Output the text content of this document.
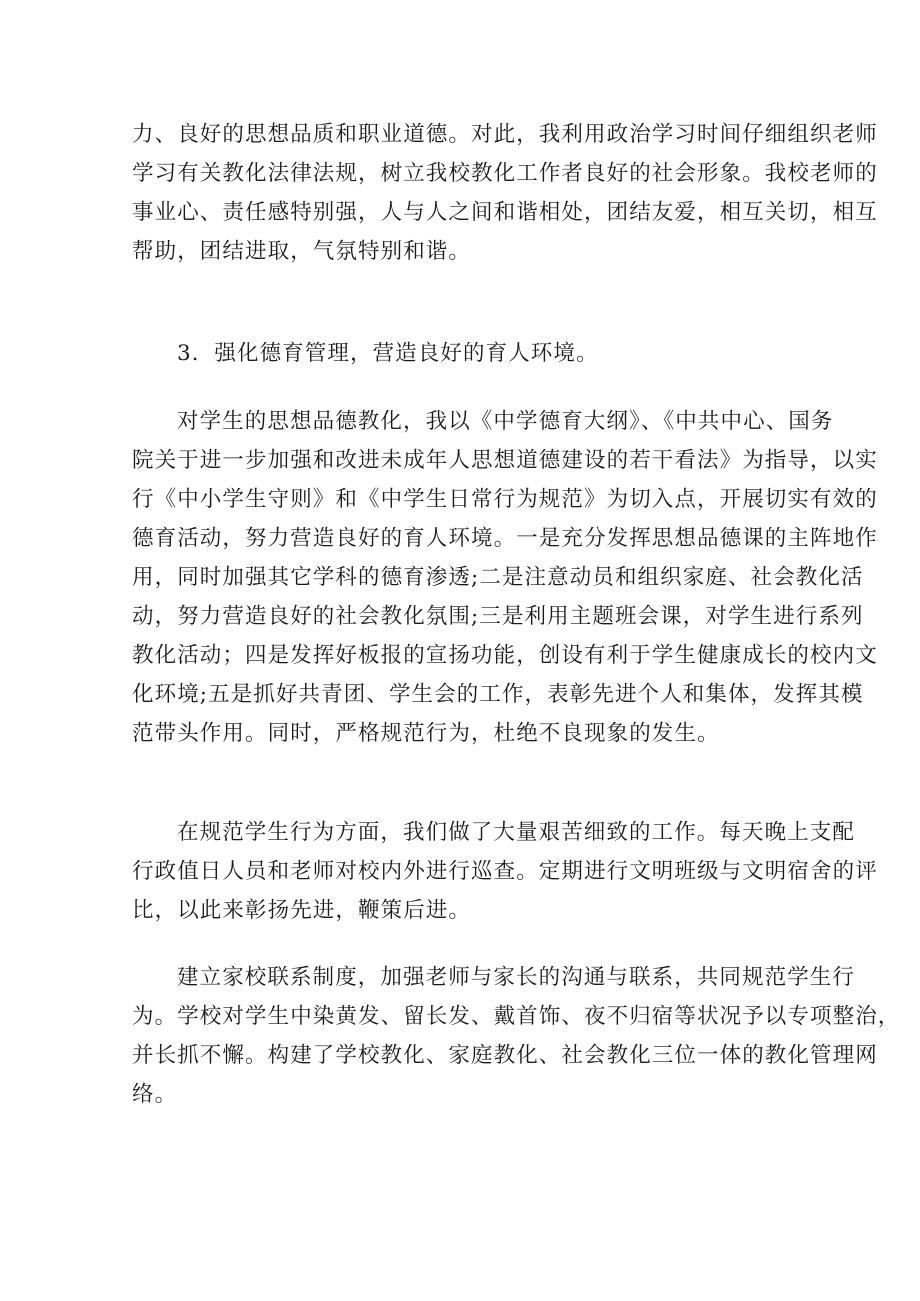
力、良好的思想品质和职业道德。对此，我利用政治学习时间仔细组织老师
学习有关教化法律法规，树立我校教化工作者良好的社会形象。我校老师的
事业心、责任感特别强，人与人之间和谐相处，团结友爱，相互关切，相互
帮助，团结进取，气氛特别和谐。
3．强化德育管理，营造良好的育人环境。
对学生的思想品德教化，我以《中学德育大纲》、《中共中心、国务
院关于进一步加强和改进未成年人思想道德建设的若干看法》为指导，以实
行《中小学生守则》和《中学生日常行为规范》为切入点，开展切实有效的
德育活动，努力营造良好的育人环境。一是充分发挥思想品德课的主阵地作
用，同时加强其它学科的德育渗透;二是注意动员和组织家庭、社会教化活
动，努力营造良好的社会教化氛围;三是利用主题班会课，对学生进行系列
教化活动；四是发挥好板报的宣扬功能，创设有利于学生健康成长的校内文
化环境;五是抓好共青团、学生会的工作，表彰先进个人和集体，发挥其模
范带头作用。同时，严格规范行为，杜绝不良现象的发生。
在规范学生行为方面，我们做了大量艰苦细致的工作。每天晚上支配
行政值日人员和老师对校内外进行巡查。定期进行文明班级与文明宿舍的评
比，以此来彰扬先进，鞭策后进。
建立家校联系制度，加强老师与家长的沟通与联系，共同规范学生行
为。学校对学生中染黄发、留长发、戴首饰、夜不归宿等状况予以专项整治，
并长抓不懈。构建了学校教化、家庭教化、社会教化三位一体的教化管理网
络。
